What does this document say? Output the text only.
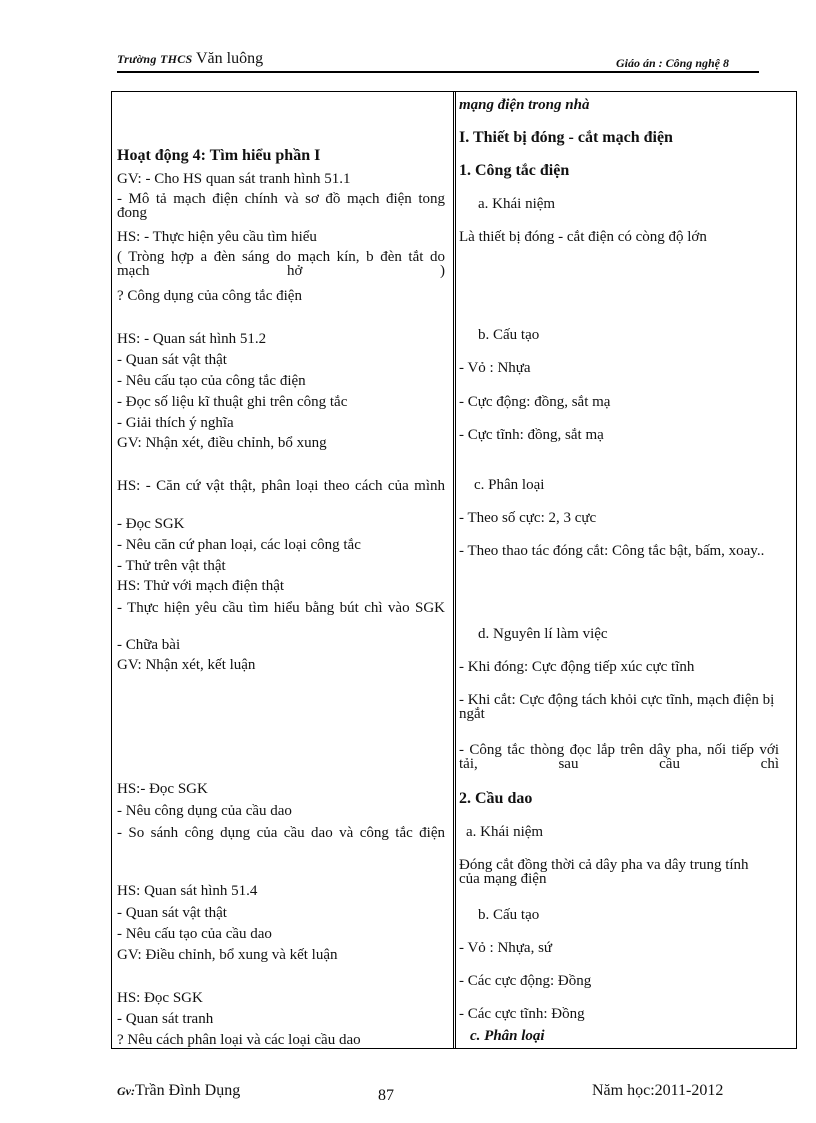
Trường THCS Văn luông	Giáo án : Công nghệ 8
Hoạt động 4: Tìm hiểu phần I
GV: - Cho HS quan sát tranh hình 51.1
- Mô tả mạch điện chính và sơ đồ mạch điện tong đong
HS: - Thực hiện yêu cầu tìm hiểu
( Tròng hợp a đèn sáng do mạch kín, b đèn tắt do mạch hở )
? Công dụng của công tắc điện
HS: - Quan sát hình 51.2
- Quan sát vật thật
- Nêu cấu tạo của công tắc điện
- Đọc số liệu kĩ thuật ghi trên công tắc
- Giải thích ý nghĩa
GV: Nhận xét, điều chỉnh, bổ xung
HS: - Căn cứ vật thật, phân loại theo cách của mình
- Đọc SGK
- Nêu căn cứ phan loại, các loại công tắc
- Thử trên vật thật
HS: Thử với mạch điện thật
- Thực hiện yêu cầu tìm hiểu bằng bút chì vào SGK
- Chữa bài
GV: Nhận xét, kết luận
HS:- Đọc SGK
- Nêu công dụng của cầu dao
- So sánh công dụng của cầu dao và công tắc điện
HS: Quan sát hình 51.4
- Quan sát vật thật
- Nêu cấu tạo của cầu dao
GV: Điều chỉnh, bổ xung và kết luận
HS: Đọc SGK
- Quan sát tranh
? Nêu cách phân loại và các loại cầu dao
mạng điện trong nhà
I. Thiết bị đóng - cắt mạch điện
1. Công tắc điện
a. Khái niệm
Là thiết bị đóng - cắt điện có còng độ lớn
b. Cấu tạo
- Vỏ : Nhựa
- Cực động: đồng, sắt mạ
- Cực tĩnh: đồng, sắt mạ
c. Phân loại
- Theo số cực: 2, 3 cực
- Theo thao tác đóng cắt: Công tắc bật, bấm, xoay..
d. Nguyên lí làm việc
- Khi đóng: Cực động tiếp xúc cực tĩnh
- Khi cắt: Cực động tách khỏi cực tĩnh, mạch điện bị ngắt
- Công tắc thòng đọc lắp trên dây pha, nối tiếp với tải, sau cầu chì
2. Cầu dao
a. Khái niệm
Đóng cắt đồng thời cả dây pha va dây trung tính của mạng điện
b. Cấu tạo
- Vỏ : Nhựa, sứ
- Các cực động: Đồng
- Các cực tĩnh: Đồng
c. Phân loại
Gv:Trần Đình Dụng	87	Năm học:2011-2012
